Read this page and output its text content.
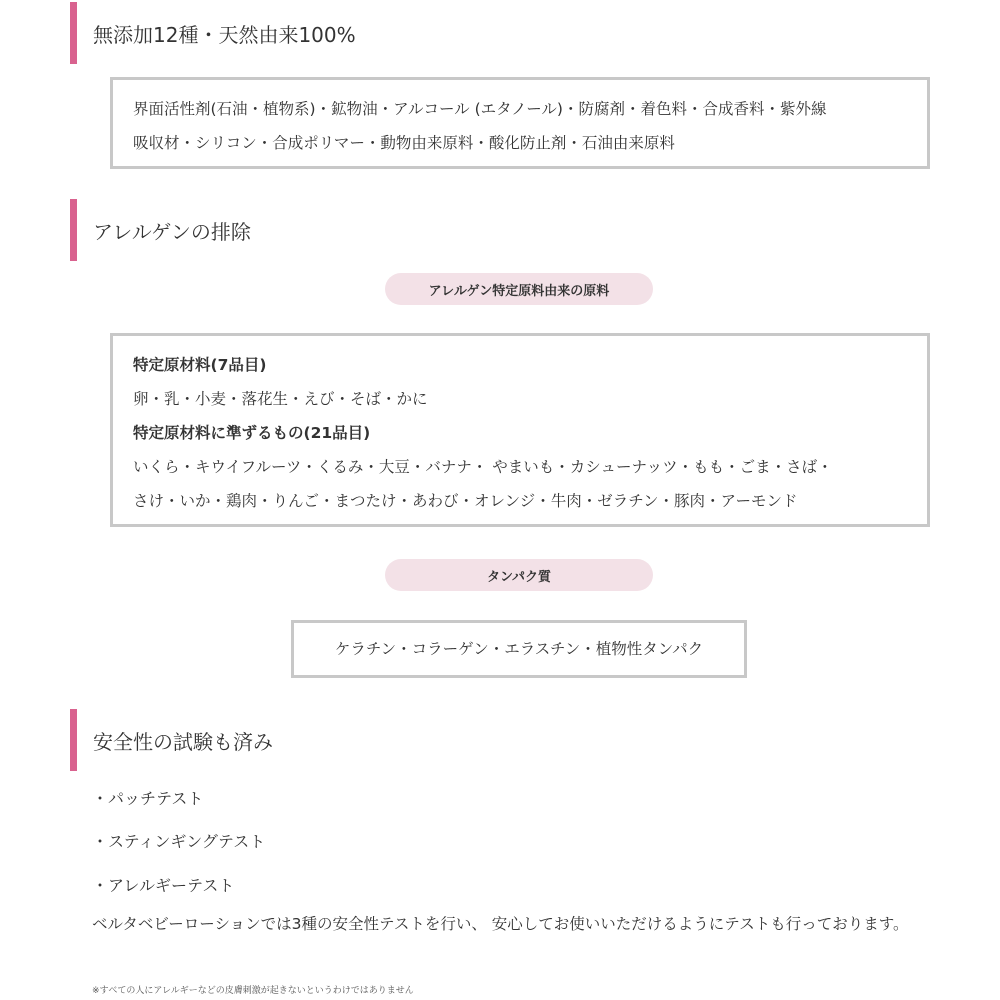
無添加12種・天然由来100%

界面活性剤(石油・植物系)・鉱物油・アルコール (エタノール)・防腐剤・着色料・合成香料・紫外線

吸収材・シリコン・合成ポリマー・動物由来原料・酸化防止剤・石油由来原料

アレルゲンの排除
アレルゲン特定原料由来の原料

特定原材料(7品目)

卵・乳・小麦・落花生・えび・そば・かに

特定原材料に準ずるもの(21品目)

いくら・キウイフルーツ・くるみ・大豆・バナナ・ やまいも・カシューナッツ・もも・ごま・さば・

さけ・いか・鶏肉・りんご・まつたけ・あわび・オレンジ・牛肉・ゼラチン・豚肉・アーモンド

タンパク質

ケラチン・コラーゲン・エラスチン・植物性タンパク

安全性の試験も済み
・パッチテスト
・スティンギングテスト
・アレルギーテスト

ベルタベビーローションでは3種の安全性テストを行い、 安心してお使いいただけるようにテストも行っております。

※すべての人にアレルギーなどの皮膚刺激が起きないというわけではありません
